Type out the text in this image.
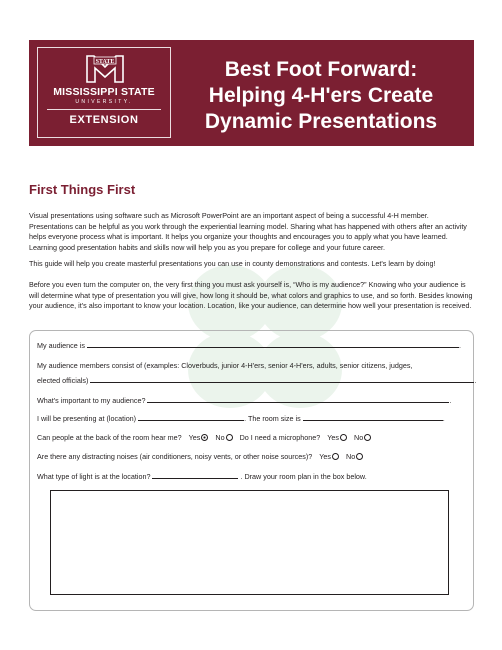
STATE
MISSISSIPPI STATE
UNIVERSITY.
EXTENSION
Best Foot Forward:
Helping 4-H'ers Create
Dynamic Presentations
First Things First
Visual presentations using software such as Microsoft PowerPoint are an important aspect of being a successful 4-H member. Presentations can be helpful as you work through the experiential learning model. Sharing what has happened with others after an activity helps everyone process what is important. It helps you organize your thoughts and encourages you to apply what you have learned. Learning good presentation habits and skills now will help you as you prepare for college and your future career.
This guide will help you create masterful presentations you can use in county demonstrations and contests. Let's learn by doing!
Before you even turn the computer on, the very first thing you must ask yourself is, “Who is my audience?” Knowing who your audience is will determine what type of presentation you will give, how long it should be, what colors and graphics to use, and so forth. Besides knowing your audience, it's also important to know your location. Location, like your audience, can determine how well your presentation is received.
My audience is	.
My audience members consist of (examples: Cloverbuds, junior 4-H'ers, senior 4-H'ers, adults, senior citizens, judges,
elected officials)	.
What's important to my audience?	.
I will be presenting at (location)	. The room size is	.
Can people at the back of the room hear me? Yes No Do I need a microphone? Yes No
Are there any distracting noises (air conditioners, noisy vents, or other noise sources)? Yes No
What type of light is at the location?	. Draw your room plan in the box below.
